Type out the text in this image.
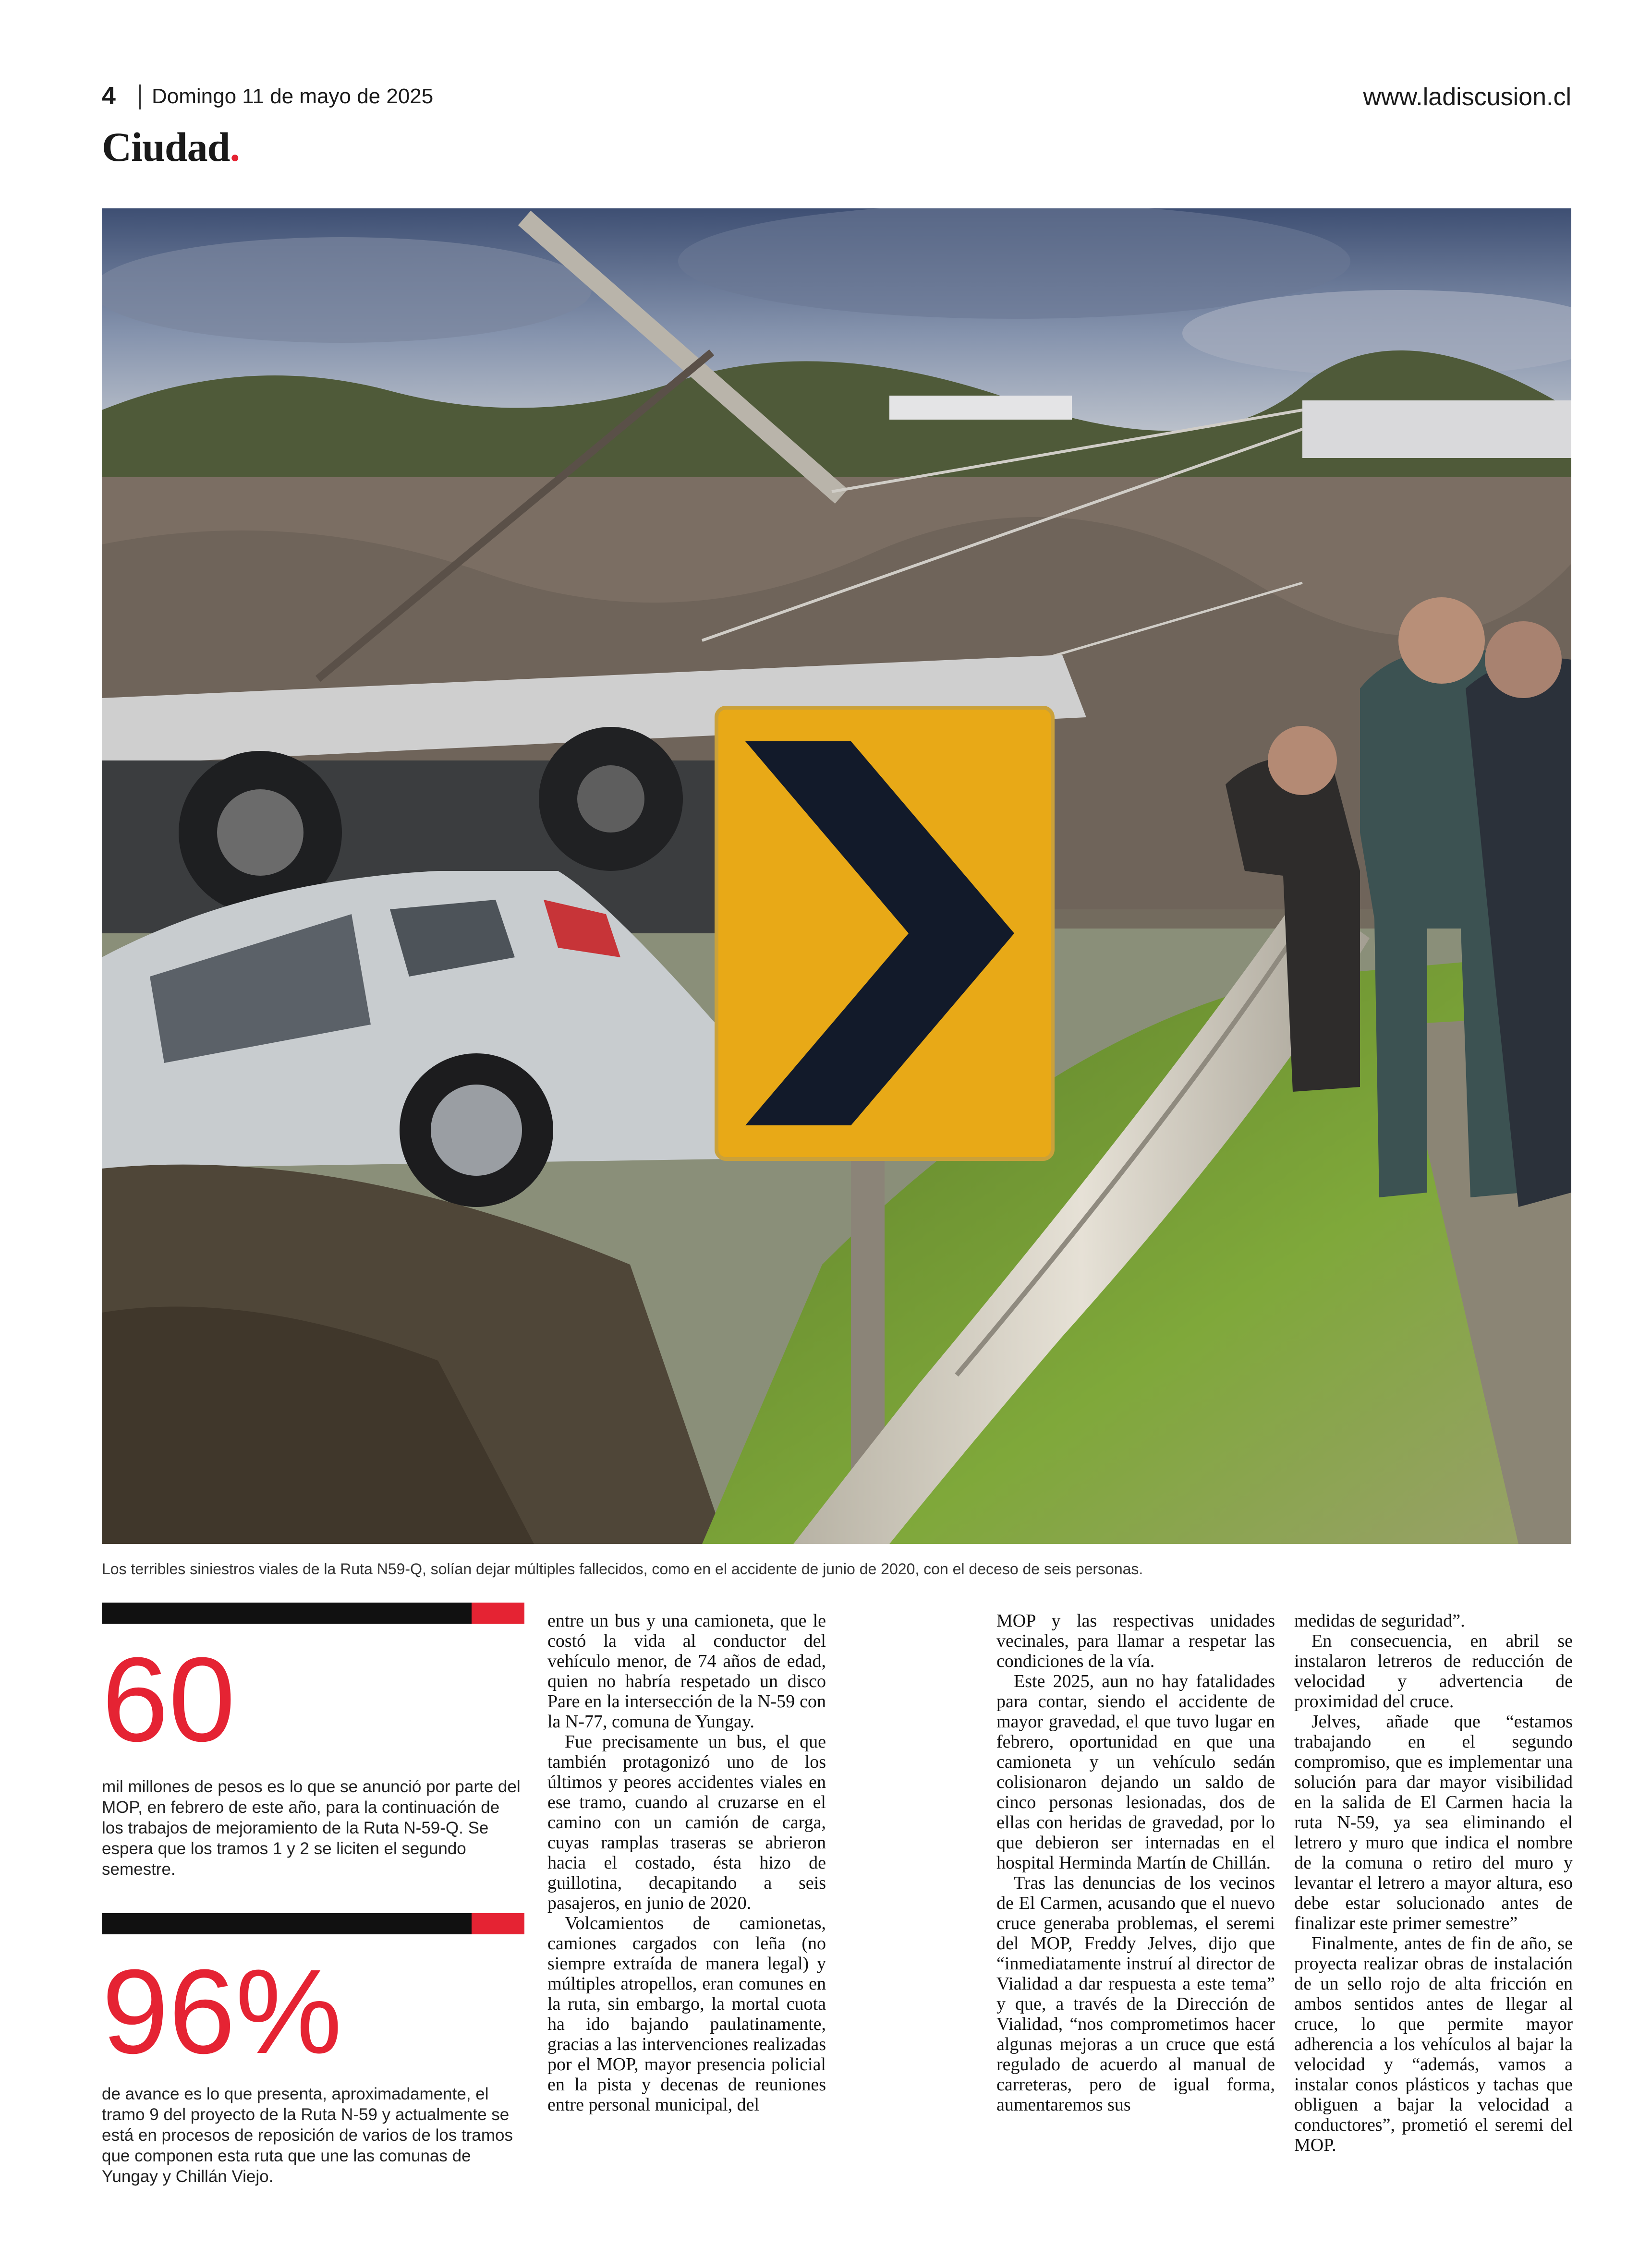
4 Domingo 11 de mayo de 2025	www.ladiscusion.cl
Ciudad.
Los terribles siniestros viales de la Ruta N59-Q, solían dejar múltiples fallecidos, como en el accidente de junio de 2020, con el deceso de seis personas.
60
mil millones de pesos es lo que se anunció por parte del MOP, en febrero de este año, para la continuación de los trabajos de mejoramiento de la Ruta N-59-Q. Se espera que los tramos 1 y 2 se liciten el segundo semestre.
96%
de avance es lo que presenta, aproximadamente, el tramo 9 del proyecto de la Ruta N-59 y actualmente se está en procesos de reposición de varios de los tramos que componen esta ruta que une las comunas de Yungay y Chillán Viejo.

entre un bus y una camioneta, que le costó la vida al conductor del vehículo menor, de 74 años de edad, quien no habría respetado un disco Pare en la intersección de la N-59 con la N-77, comuna de Yungay.

Fue precisamente un bus, el que también protagonizó uno de los últimos y peores accidentes viales en ese tramo, cuando al cruzarse en el camino con un camión de carga, cuyas ramplas traseras se abrieron hacia el costado, ésta hizo de guillotina, decapitando a seis pasajeros, en junio de 2020.

Volcamientos de camionetas, camiones cargados con leña (no siempre extraída de manera legal) y múltiples atropellos, eran comunes en la ruta, sin embargo, la mortal cuota ha ido bajando paulatinamente, gracias a las intervenciones realizadas por el MOP, mayor presencia policial en la pista y decenas de reuniones entre personal municipal, del

MOP y las respectivas unidades vecinales, para llamar a respetar las condiciones de la vía.

Este 2025, aun no hay fatalidades para contar, siendo el accidente de mayor gravedad, el que tuvo lugar en febrero, oportunidad en que una camioneta y un vehículo sedán colisionaron dejando un saldo de cinco personas lesionadas, dos de ellas con heridas de gravedad, por lo que debieron ser internadas en el hospital Herminda Martín de Chillán.

Tras las denuncias de los vecinos de El Carmen, acusando que el nuevo cruce generaba problemas, el seremi del MOP, Freddy Jelves, dijo que “inmediatamente instruí al director de Vialidad a dar respuesta a este tema” y que, a través de la Dirección de Vialidad, “nos comprometimos hacer algunas mejoras a un cruce que está regulado de acuerdo al manual de carreteras, pero de igual forma, aumentaremos sus

medidas de seguridad”.

En consecuencia, en abril se instalaron letreros de reducción de velocidad y advertencia de proximidad del cruce.

Jelves, añade que “estamos trabajando en el segundo compromiso, que es implementar una solución para dar mayor visibilidad en la salida de El Carmen hacia la ruta N-59, ya sea eliminando el letrero y muro que indica el nombre de la comuna o retiro del muro y levantar el letrero a mayor altura, eso debe estar solucionado antes de finalizar este primer semestre”

Finalmente, antes de fin de año, se proyecta realizar obras de instalación de un sello rojo de alta fricción en ambos sentidos antes de llegar al cruce, lo que permite mayor adherencia a los vehículos al bajar la velocidad y “además, vamos a instalar conos plásticos y tachas que obliguen a bajar la velocidad a conductores”, prometió el seremi del MOP.
